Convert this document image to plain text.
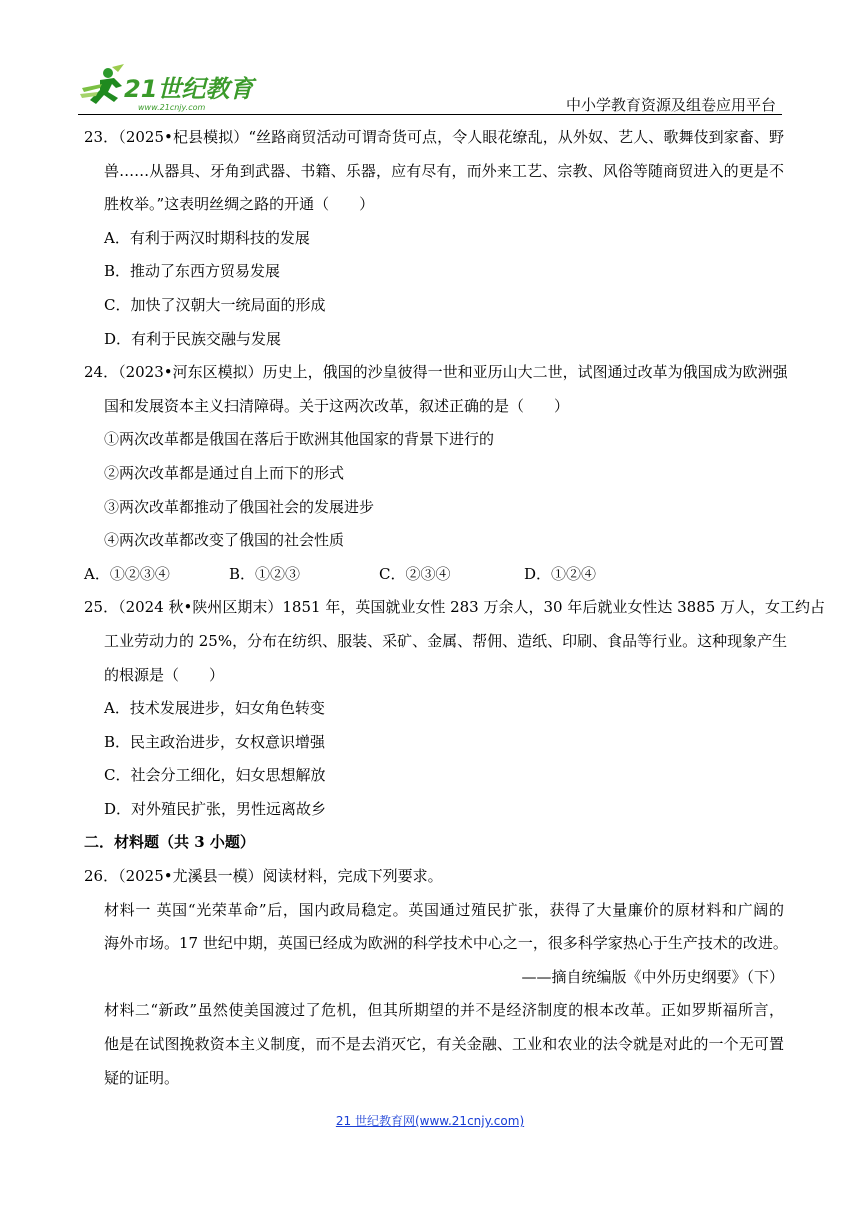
21世纪教育
www.21cnjy.com	中小学教育资源及组卷应用平台
23．（2025•杞县模拟）“丝路商贸活动可谓奇货可点，令人眼花缭乱，从外奴、艺人、歌舞伎到家畜、野
兽……从器具、牙角到武器、书籍、乐器，应有尽有，而外来工艺、宗教、风俗等随商贸进入的更是不
胜枚举。”这表明丝绸之路的开通（　　）
A．有利于两汉时期科技的发展
B．推动了东西方贸易发展
C．加快了汉朝大一统局面的形成
D．有利于民族交融与发展
24．（2023•河东区模拟）历史上，俄国的沙皇彼得一世和亚历山大二世，试图通过改革为俄国成为欧洲强
国和发展资本主义扫清障碍。关于这两次改革，叙述正确的是（　　）
①两次改革都是俄国在落后于欧洲其他国家的背景下进行的
②两次改革都是通过自上而下的形式
③两次改革都推动了俄国社会的发展进步
④两次改革都改变了俄国的社会性质
A．①②③④	B．①②③	C．②③④	D．①②④
25．（2024 秋•陕州区期末）1851 年，英国就业女性 283 万余人，30 年后就业女性达 3885 万人，女工约占
工业劳动力的 25%，分布在纺织、服装、采矿、金属、帮佣、造纸、印刷、食品等行业。这种现象产生
的根源是（　　）
A．技术发展进步，妇女角色转变
B．民主政治进步，女权意识增强
C．社会分工细化，妇女思想解放
D．对外殖民扩张，男性远离故乡
二．材料题（共 3 小题）
26．（2025•尤溪县一模）阅读材料，完成下列要求。
材料一 英国“光荣革命”后，国内政局稳定。英国通过殖民扩张，获得了大量廉价的原材料和广阔的
海外市场。17 世纪中期，英国已经成为欧洲的科学技术中心之一，很多科学家热心于生产技术的改进。
——摘自统编版《中外历史纲要》（下）
材料二“新政”虽然使美国渡过了危机，但其所期望的并不是经济制度的根本改革。正如罗斯福所言，
他是在试图挽救资本主义制度，而不是去消灭它，有关金融、工业和农业的法令就是对此的一个无可置
疑的证明。
21 世纪教育网(www.21cnjy.com)
